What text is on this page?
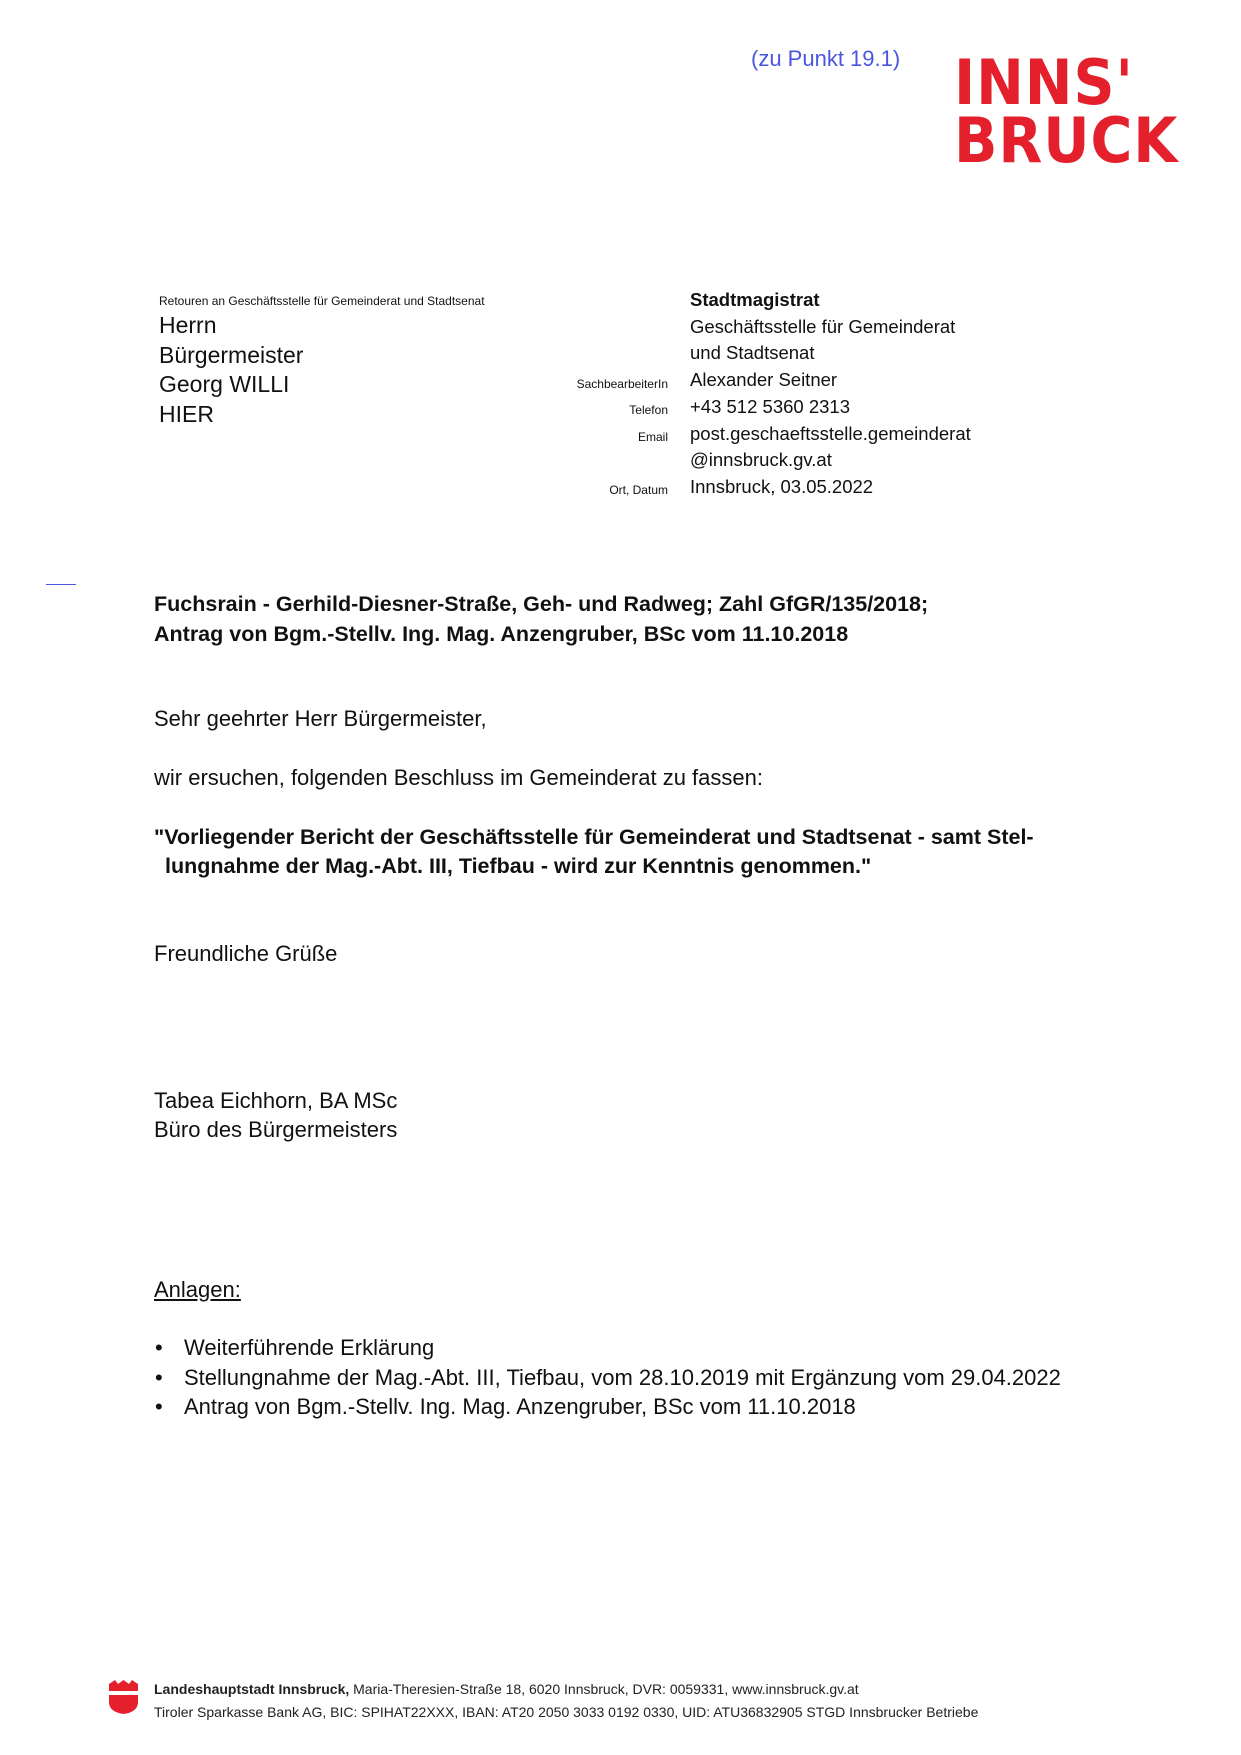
(zu Punkt 19.1) INNS'
BRUCK
Retouren an Geschäftsstelle für Gemeinderat und Stadtsenat
Herrn
Bürgermeister
Georg WILLI
HIER
SachbearbeiterIn
Telefon
Email
Ort, Datum
Stadtmagistrat
Geschäftsstelle für Gemeinderat
und Stadtsenat
Alexander Seitner
+43 512 5360 2313
post.geschaeftsstelle.gemeinderat
@innsbruck.gv.at
Innsbruck, 03.05.2022
Fuchsrain - Gerhild-Diesner-Straße, Geh- und Radweg; Zahl GfGR/135/2018;
Antrag von Bgm.-Stellv. Ing. Mag. Anzengruber, BSc vom 11.10.2018
Sehr geehrter Herr Bürgermeister,
wir ersuchen, folgenden Beschluss im Gemeinderat zu fassen:
"Vorliegender Bericht der Geschäftsstelle für Gemeinderat und Stadtsenat - samt Stel-
lungnahme der Mag.-Abt. III, Tiefbau - wird zur Kenntnis genommen."
Freundliche Grüße
Tabea Eichhorn, BA MSc
Büro des Bürgermeisters
Anlagen:
• Weiterführende Erklärung
• Stellungnahme der Mag.-Abt. III, Tiefbau, vom 28.10.2019 mit Ergänzung vom 29.04.2022
• Antrag von Bgm.-Stellv. Ing. Mag. Anzengruber, BSc vom 11.10.2018
Landeshauptstadt Innsbruck, Maria-Theresien-Straße 18, 6020 Innsbruck, DVR: 0059331, www.innsbruck.gv.at
Tiroler Sparkasse Bank AG, BIC: SPIHAT22XXX, IBAN: AT20 2050 3033 0192 0330, UID: ATU36832905 STGD Innsbrucker Betriebe
